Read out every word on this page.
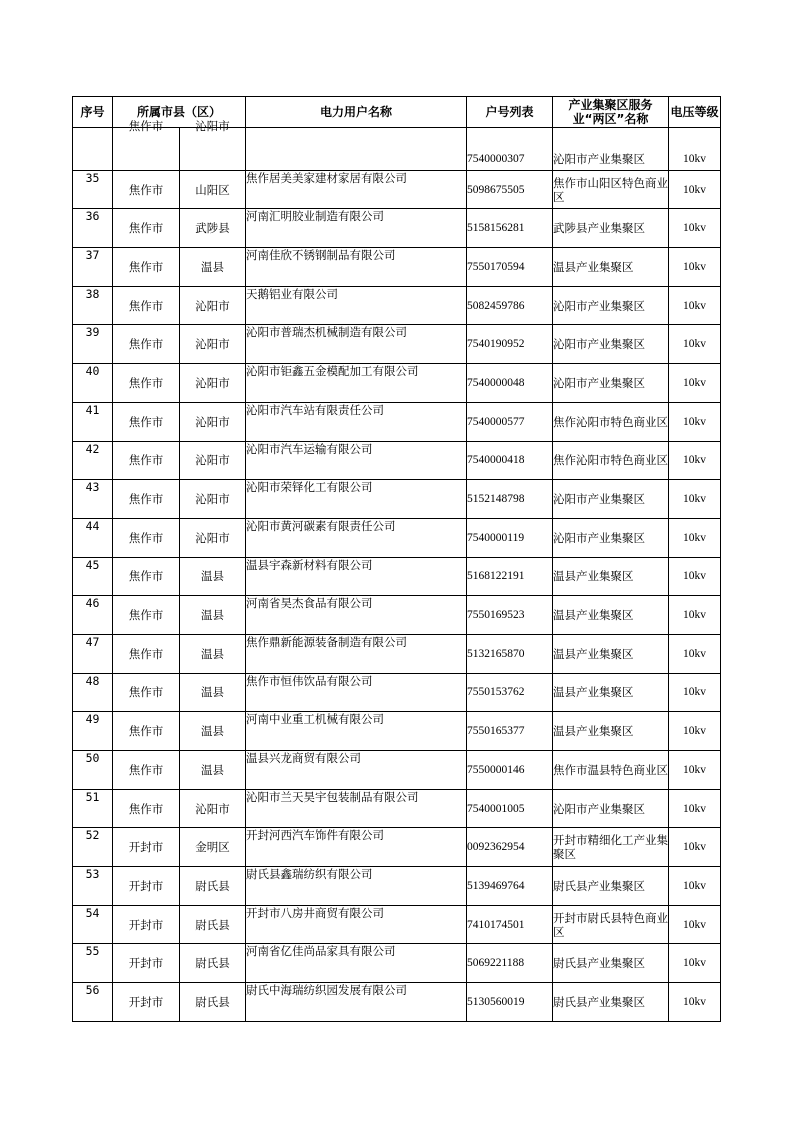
序号	所属市县（区）		电力用户名称	户号列表	产业集聚区服务业“两区”名称	电压等级

	焦作市	沁阳市		7540000307	沁阳市产业集聚区	10kv
35	焦作市	山阳区	焦作居美美家建材家居有限公司	5098675505	焦作市山阳区特色商业区	10kv
36	焦作市	武陟县	河南汇明胶业制造有限公司	5158156281	武陟县产业集聚区	10kv
37	焦作市	温县	河南佳欣不锈钢制品有限公司	7550170594	温县产业集聚区	10kv
38	焦作市	沁阳市	天鹅铝业有限公司	5082459786	沁阳市产业集聚区	10kv
39	焦作市	沁阳市	沁阳市普瑞杰机械制造有限公司	7540190952	沁阳市产业集聚区	10kv
40	焦作市	沁阳市	沁阳市钜鑫五金模配加工有限公司	7540000048	沁阳市产业集聚区	10kv
41	焦作市	沁阳市	沁阳市汽车站有限责任公司	7540000577	焦作沁阳市特色商业区	10kv
42	焦作市	沁阳市	沁阳市汽车运输有限公司	7540000418	焦作沁阳市特色商业区	10kv
43	焦作市	沁阳市	沁阳市荣铎化工有限公司	5152148798	沁阳市产业集聚区	10kv
44	焦作市	沁阳市	沁阳市黄河碳素有限责任公司	7540000119	沁阳市产业集聚区	10kv
45	焦作市	温县	温县宇森新材料有限公司	5168122191	温县产业集聚区	10kv
46	焦作市	温县	河南省昊杰食品有限公司	7550169523	温县产业集聚区	10kv
47	焦作市	温县	焦作鼎新能源装备制造有限公司	5132165870	温县产业集聚区	10kv
48	焦作市	温县	焦作市恒伟饮品有限公司	7550153762	温县产业集聚区	10kv
49	焦作市	温县	河南中业重工机械有限公司	7550165377	温县产业集聚区	10kv
50	焦作市	温县	温县兴龙商贸有限公司	7550000146	焦作市温县特色商业区	10kv
51	焦作市	沁阳市	沁阳市兰天昊宇包装制品有限公司	7540001005	沁阳市产业集聚区	10kv
52	开封市	金明区	开封河西汽车饰件有限公司	0092362954	开封市精细化工产业集聚区	10kv
53	开封市	尉氏县	尉氏县鑫瑞纺织有限公司	5139469764	尉氏县产业集聚区	10kv
54	开封市	尉氏县	开封市八房井商贸有限公司	7410174501	开封市尉氏县特色商业区	10kv
55	开封市	尉氏县	河南省亿佳尚品家具有限公司	5069221188	尉氏县产业集聚区	10kv
56	开封市	尉氏县	尉氏中海瑞纺织园发展有限公司	5130560019	尉氏县产业集聚区	10kv
